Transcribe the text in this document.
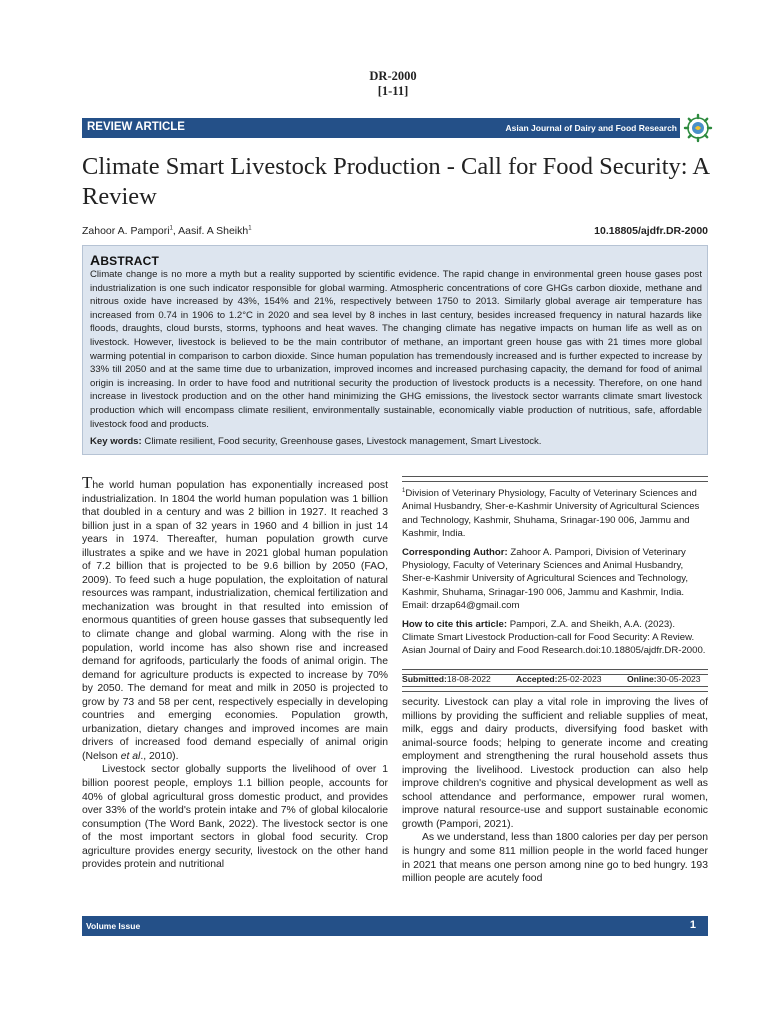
DR-2000
[1-11]
REVIEW ARTICLE	Asian Journal of Dairy and Food Research
Climate Smart Livestock Production - Call for Food Security: A Review
Zahoor A. Pampori$^1$, Aasif. A Sheikh$^1$	10.18805/ajdfr.DR-2000
ABSTRACT

Climate change is no more a myth but a reality supported by scientific evidence. The rapid change in environmental green house gases post industrialization is one such indicator responsible for global warming. Atmospheric concentrations of core GHGs carbon dioxide, methane and nitrous oxide have increased by 43%, 154% and 21%, respectively between 1750 to 2013. Similarly global average air temperature has increased from 0.74 in 1906 to 1.2°C in 2020 and sea level by 8 inches in last century, besides increased frequency in natural hazards like floods, draughts, cloud bursts, storms, typhoons and heat waves. The changing climate has negative impacts on human life as well as on livestock. However, livestock is believed to be the main contributor of methane, an important green house gas with 21 times more global warming potential in comparison to carbon dioxide. Since human population has tremendously increased and is further expected to increase by 33% till 2050 and at the same time due to urbanization, improved incomes and increased purchasing capacity, the demand for food of animal origin is increasing. In order to have food and nutritional security the production of livestock products is a necessity. Therefore, on one hand increase in livestock production and on the other hand minimizing the GHG emissions, the livestock sector warrants climate smart livestock production which will encompass climate resilient, environmentally sustainable, economically viable production of nutritious, safe, affordable livestock food and products.

Key words: Climate resilient, Food security, Greenhouse gases, Livestock management, Smart Livestock.

The world human population has exponentially increased post industrialization. In 1804 the world human population was 1 billion that doubled in a century and was 2 billion in 1927. It reached 3 billion just in a span of 32 years in 1960 and 4 billion in just 14 years in 1974. Thereafter, human population growth curve illustrates a spike and we have in 2021 global human population of 7.2 billion that is projected to be 9.6 billion by 2050 (FAO, 2009). To feed such a huge population, the exploitation of natural resources was rampant, industrialization, chemical fertilization and mechanization was brought in that resulted into emission of enormous quantities of green house gasses that subsequently led to climate change and global warming. Along with the rise in population, world income has also shown rise and increased demand for agrifoods, particularly the foods of animal origin. The demand for agriculture products is expected to increase by 70% by 2050. The demand for meat and milk in 2050 is projected to grow by 73 and 58 per cent, respectively especially in developing countries and emerging economies. Population growth, urbanization, dietary changes and improved incomes are main drivers of increased food demand especially of animal origin (Nelson et al., 2010).

Livestock sector globally supports the livelihood of over 1 billion poorest people, employs 1.1 billion people, accounts for 40% of global agricultural gross domestic product, and provides over 33% of the world's protein intake and 7% of global kilocalorie consumption (The Word Bank, 2022). The livestock sector is one of the most important sectors in global food security. Crop agriculture provides energy security, livestock on the other hand provides protein and nutritional

$^1$Division of Veterinary Physiology, Faculty of Veterinary Sciences and Animal Husbandry, Sher-e-Kashmir University of Agricultural Sciences and Technology, Kashmir, Shuhama, Srinagar-190 006, Jammu and Kashmir, India.

Corresponding Author: Zahoor A. Pampori, Division of Veterinary Physiology, Faculty of Veterinary Sciences and Animal Husbandry, Sher-e-Kashmir University of Agricultural Sciences and Technology, Kashmir, Shuhama, Srinagar-190 006, Jammu and Kashmir, India. Email: drzap64@gmail.com

How to cite this article: Pampori, Z.A. and Sheikh, A.A. (2023). Climate Smart Livestock Production-call for Food Security: A Review. Asian Journal of Dairy and Food Research.doi:10.18805/ajdfr.DR-2000.

Submitted: 18-08-2022	Accepted: 25-02-2023	Online: 30-05-2023

security. Livestock can play a vital role in improving the lives of millions by providing the sufficient and reliable supplies of meat, milk, eggs and dairy products, diversifying food basket with animal-source foods; helping to generate income and creating employment and strengthening the rural household assets thus improving the livelihood. Livestock production can also help improve children's cognitive and physical development as well as school attendance and performance, empower rural women, improve natural resource-use and support sustainable economic growth (Pampori, 2021).

As we understand, less than 1800 calories per day per person is hungry and some 811 million people in the world faced hunger in 2021 that means one person among nine go to bed hungry. 193 million people are acutely food

Volume Issue	1
